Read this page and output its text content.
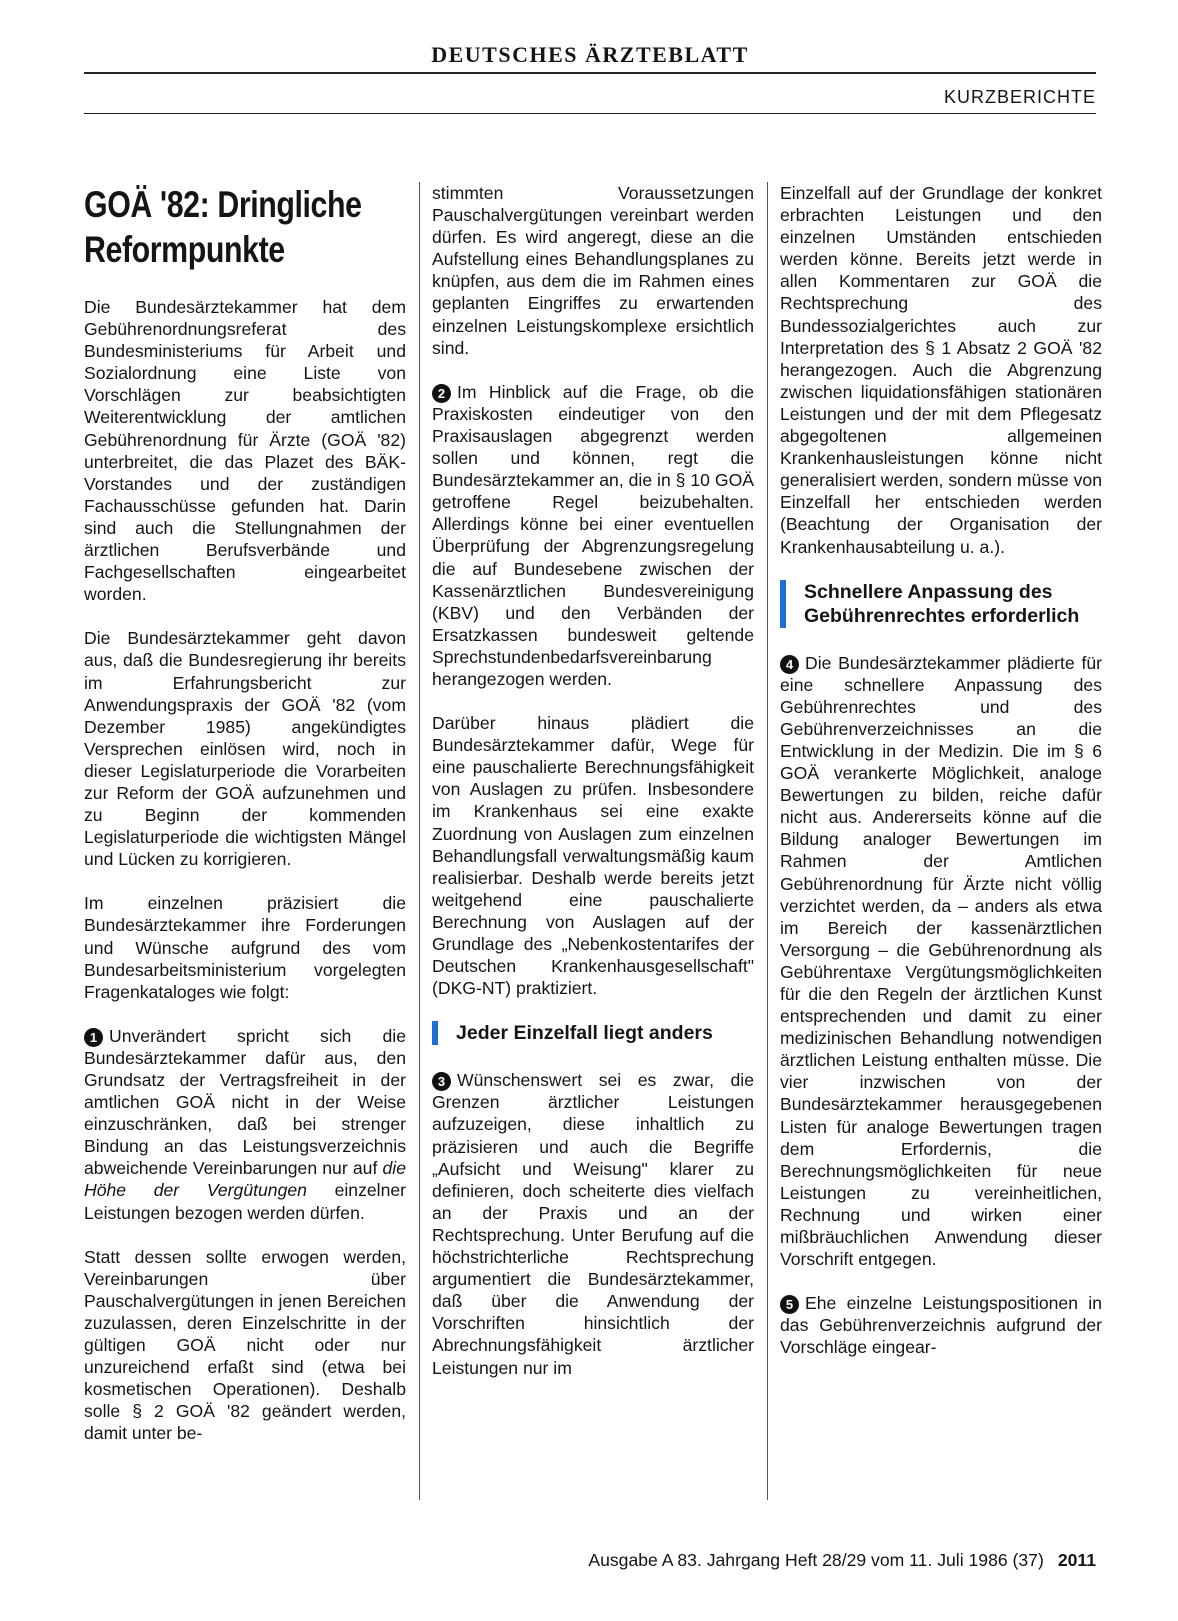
DEUTSCHES ÄRZTEBLATT
KURZBERICHTE
GOÄ '82: Dringliche Reformpunkte

Die Bundesärztekammer hat dem Gebührenordnungsreferat des Bundesministeriums für Arbeit und Sozialordnung eine Liste von Vorschlägen zur beabsichtigten Weiterentwicklung der amtlichen Gebührenordnung für Ärzte (GOÄ '82) unterbreitet, die das Plazet des BÄK-Vorstandes und der zuständigen Fachausschüsse gefunden hat. Darin sind auch die Stellungnahmen der ärztlichen Berufsverbände und Fachgesellschaften eingearbeitet worden.

Die Bundesärztekammer geht davon aus, daß die Bundesregierung ihr bereits im Erfahrungsbericht zur Anwendungspraxis der GOÄ '82 (vom Dezember 1985) angekündigtes Versprechen einlösen wird, noch in dieser Legislaturperiode die Vorarbeiten zur Reform der GOÄ aufzunehmen und zu Beginn der kommenden Legislaturperiode die wichtigsten Mängel und Lücken zu korrigieren.

Im einzelnen präzisiert die Bundesärztekammer ihre Forderungen und Wünsche aufgrund des vom Bundesarbeitsministerium vorgelegten Fragenkataloges wie folgt:

1 Unverändert spricht sich die Bundesärztekammer dafür aus, den Grundsatz der Vertragsfreiheit in der amtlichen GOÄ nicht in der Weise einzuschränken, daß bei strenger Bindung an das Leistungsverzeichnis abweichende Vereinbarungen nur auf die Höhe der Vergütungen einzelner Leistungen bezogen werden dürfen.

Statt dessen sollte erwogen werden, Vereinbarungen über Pauschalvergütungen in jenen Bereichen zuzulassen, deren Einzelschritte in der gültigen GOÄ nicht oder nur unzureichend erfaßt sind (etwa bei kosmetischen Operationen). Deshalb solle § 2 GOÄ '82 geändert werden, damit unter be-

stimmten Voraussetzungen Pauschalvergütungen vereinbart werden dürfen. Es wird angeregt, diese an die Aufstellung eines Behandlungsplanes zu knüpfen, aus dem die im Rahmen eines geplanten Eingriffes zu erwartenden einzelnen Leistungskomplexe ersichtlich sind.

2 Im Hinblick auf die Frage, ob die Praxiskosten eindeutiger von den Praxisauslagen abgegrenzt werden sollen und können, regt die Bundesärztekammer an, die in § 10 GOÄ getroffene Regel beizubehalten. Allerdings könne bei einer eventuellen Überprüfung der Abgrenzungsregelung die auf Bundesebene zwischen der Kassenärztlichen Bundesvereinigung (KBV) und den Verbänden der Ersatzkassen bundesweit geltende Sprechstundenbedarfsvereinbarung herangezogen werden.

Darüber hinaus plädiert die Bundesärztekammer dafür, Wege für eine pauschalierte Berechnungsfähigkeit von Auslagen zu prüfen. Insbesondere im Krankenhaus sei eine exakte Zuordnung von Auslagen zum einzelnen Behandlungsfall verwaltungsmäßig kaum realisierbar. Deshalb werde bereits jetzt weitgehend eine pauschalierte Berechnung von Auslagen auf der Grundlage des „Nebenkostentarifes der Deutschen Krankenhausgesellschaft" (DKG-NT) praktiziert.

Jeder Einzelfall liegt anders

3 Wünschenswert sei es zwar, die Grenzen ärztlicher Leistungen aufzuzeigen, diese inhaltlich zu präzisieren und auch die Begriffe „Aufsicht und Weisung" klarer zu definieren, doch scheiterte dies vielfach an der Praxis und an der Rechtsprechung. Unter Berufung auf die höchstrichterliche Rechtsprechung argumentiert die Bundesärztekammer, daß über die Anwendung der Vorschriften hinsichtlich der Abrechnungsfähigkeit ärztlicher Leistungen nur im

Einzelfall auf der Grundlage der konkret erbrachten Leistungen und den einzelnen Umständen entschieden werden könne. Bereits jetzt werde in allen Kommentaren zur GOÄ die Rechtsprechung des Bundessozialgerichtes auch zur Interpretation des § 1 Absatz 2 GOÄ '82 herangezogen. Auch die Abgrenzung zwischen liquidationsfähigen stationären Leistungen und der mit dem Pflegesatz abgegoltenen allgemeinen Krankenhausleistungen könne nicht generalisiert werden, sondern müsse von Einzelfall her entschieden werden (Beachtung der Organisation der Krankenhausabteilung u. a.).

Schnellere Anpassung des Gebührenrechtes erforderlich

4 Die Bundesärztekammer plädierte für eine schnellere Anpassung des Gebührenrechtes und des Gebührenverzeichnisses an die Entwicklung in der Medizin. Die im § 6 GOÄ verankerte Möglichkeit, analoge Bewertungen zu bilden, reiche dafür nicht aus. Andererseits könne auf die Bildung analoger Bewertungen im Rahmen der Amtlichen Gebührenordnung für Ärzte nicht völlig verzichtet werden, da – anders als etwa im Bereich der kassenärztlichen Versorgung – die Gebührenordnung als Gebührentaxe Vergütungsmöglichkeiten für die den Regeln der ärztlichen Kunst entsprechenden und damit zu einer medizinischen Behandlung notwendigen ärztlichen Leistung enthalten müsse. Die vier inzwischen von der Bundesärztekammer herausgegebenen Listen für analoge Bewertungen tragen dem Erfordernis, die Berechnungsmöglichkeiten für neue Leistungen zu vereinheitlichen, Rechnung und wirken einer mißbräuchlichen Anwendung dieser Vorschrift entgegen.

5 Ehe einzelne Leistungspositionen in das Gebührenverzeichnis aufgrund der Vorschläge eingear-

Ausgabe A 83. Jahrgang Heft 28/29 vom 11. Juli 1986 (37) 2011
